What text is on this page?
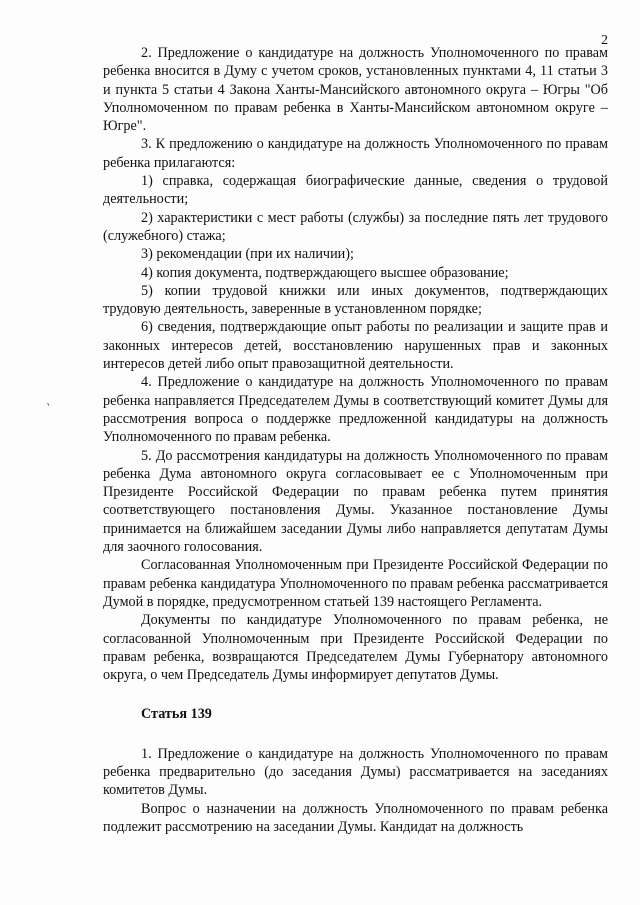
2
`

2. Предложение о кандидатуре на должность Уполномоченного по правам ребенка вносится в Думу с учетом сроков, установленных пунктами 4, 11 статьи 3 и пункта 5 статьи 4 Закона Ханты-Мансийского автономного округа – Югры "Об Уполномоченном по правам ребенка в Ханты-Мансийском автономном округе – Югре".

3. К предложению о кандидатуре на должность Уполномоченного по правам ребенка прилагаются:

1) справка, содержащая биографические данные, сведения о трудовой деятельности;

2) характеристики с мест работы (службы) за последние пять лет трудового (служебного) стажа;

3) рекомендации (при их наличии);

4) копия документа, подтверждающего высшее образование;

5) копии трудовой книжки или иных документов, подтверждающих трудовую деятельность, заверенные в установленном порядке;

6) сведения, подтверждающие опыт работы по реализации и защите прав и законных интересов детей, восстановлению нарушенных прав и законных интересов детей либо опыт правозащитной деятельности.

4. Предложение о кандидатуре на должность Уполномоченного по правам ребенка направляется Председателем Думы в соответствующий комитет Думы для рассмотрения вопроса о поддержке предложенной кандидатуры на должность Уполномоченного по правам ребенка.

5. До рассмотрения кандидатуры на должность Уполномоченного по правам ребенка Дума автономного округа согласовывает ее с Уполномоченным при Президенте Российской Федерации по правам ребенка путем принятия соответствующего постановления Думы. Указанное постановление Думы принимается на ближайшем заседании Думы либо направляется депутатам Думы для заочного голосования.

Согласованная Уполномоченным при Президенте Российской Федерации по правам ребенка кандидатура Уполномоченного по правам ребенка рассматривается Думой в порядке, предусмотренном статьей 139 настоящего Регламента.

Документы по кандидатуре Уполномоченного по правам ребенка, не согласованной Уполномоченным при Президенте Российской Федерации по правам ребенка, возвращаются Председателем Думы Губернатору автономного округа, о чем Председатель Думы информирует депутатов Думы.

Статья 139

1. Предложение о кандидатуре на должность Уполномоченного по правам ребенка предварительно (до заседания Думы) рассматривается на заседаниях комитетов Думы.

Вопрос о назначении на должность Уполномоченного по правам ребенка подлежит рассмотрению на заседании Думы. Кандидат на должность
